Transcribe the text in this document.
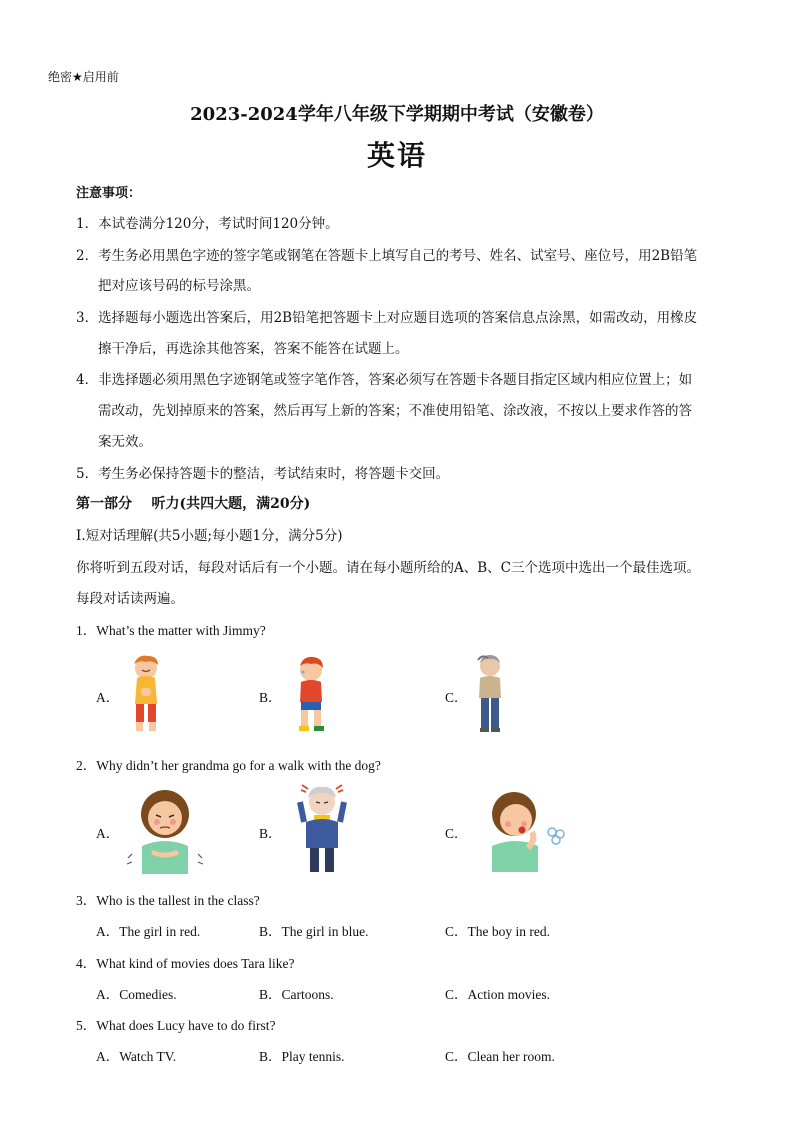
绝密★启用前
2023-2024学年八年级下学期期中考试（安徽卷）
英语
注意事项：
1．本试卷满分120分，考试时间120分钟。
2．考生务必用黑色字迹的签字笔或钢笔在答题卡上填写自己的考号、姓名、试室号、座位号，用2B铅笔
把对应该号码的标号涂黑。
3．选择题每小题选出答案后，用2B铅笔把答题卡上对应题目选项的答案信息点涂黑，如需改动，用橡皮
擦干净后，再选涂其他答案，答案不能答在试题上。
4．非选择题必须用黑色字迹钢笔或签字笔作答，答案必须写在答题卡各题目指定区域内相应位置上；如
需改动，先划掉原来的答案，然后再写上新的答案；不准使用铅笔、涂改液，不按以上要求作答的答
案无效。
5．考生务必保持答题卡的整洁，考试结束时，将答题卡交回。
第一部分    听力(共四大题，满20分)
Ⅰ.短对话理解(共5小题;每小题1分，满分5分)
你将听到五段对话，每段对话后有一个小题。请在每小题所给的A、B、C三个选项中选出一个最佳选项。
每段对话读两遍。
1．What’s the matter with Jimmy?
A．	B．	C．
2．Why didn’t her grandma go for a walk with the dog?
A．	B．	C．
3．Who is the tallest in the class?
A．The girl in red.	B．The girl in blue.	C．The boy in red.
4．What kind of movies does Tara like?
A．Comedies.	B．Cartoons.	C．Action movies.
5．What does Lucy have to do first?
A．Watch TV.	B．Play tennis.	C．Clean her room.
